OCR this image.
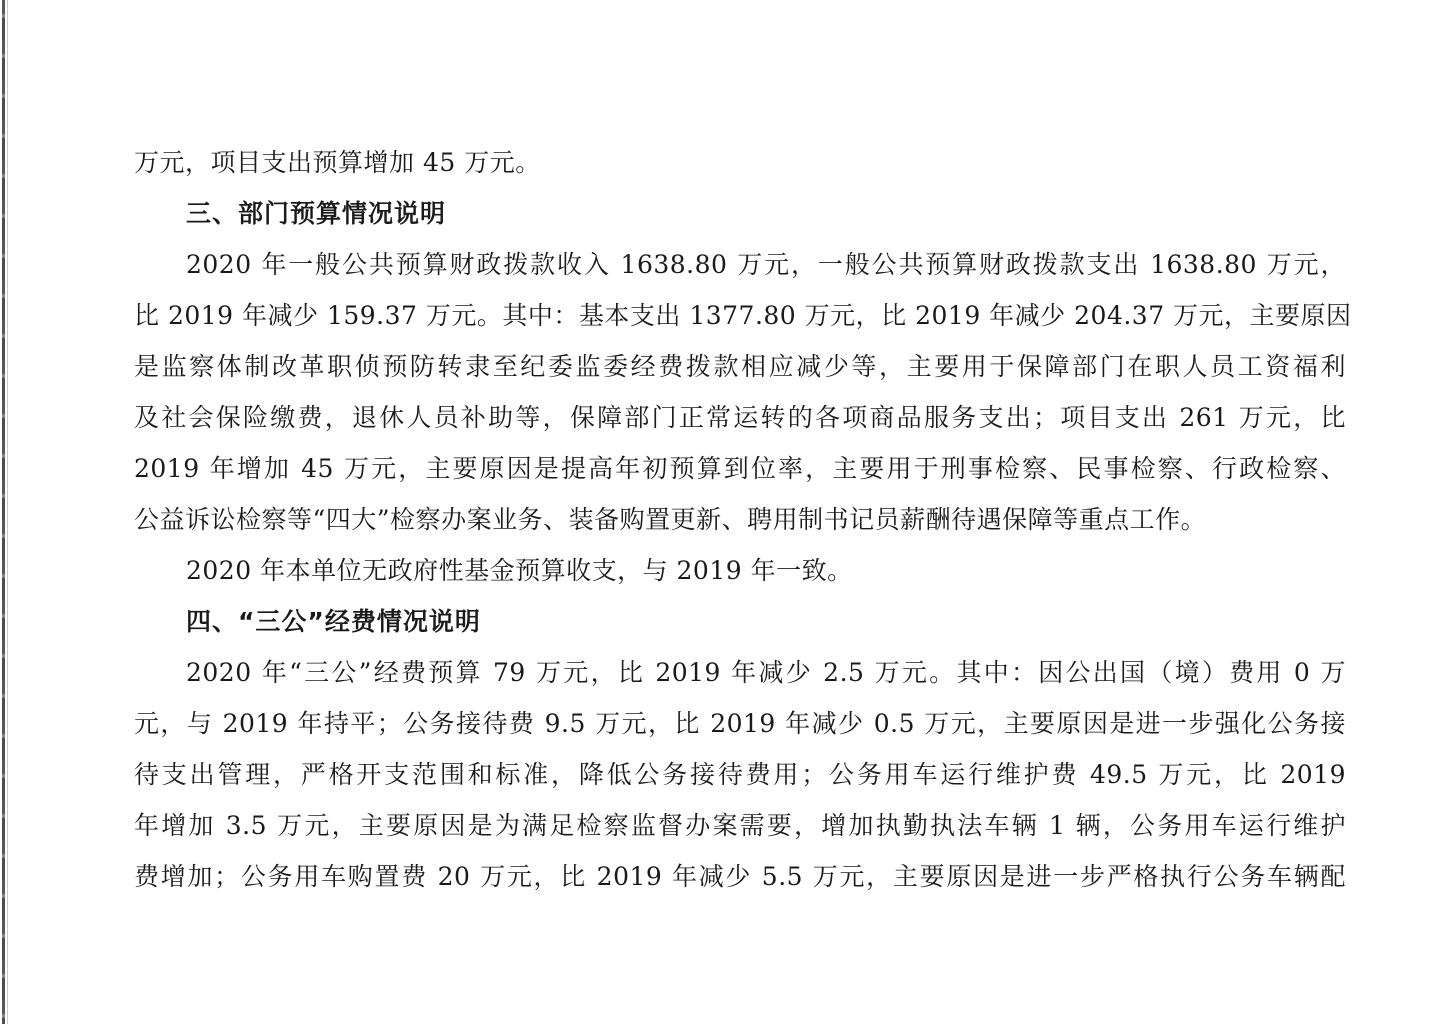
万元，项目支出预算增加 45 万元。
三、部门预算情况说明
2020 年一般公共预算财政拨款收入 1638.80 万元，一般公共预算财政拨款支出 1638.80 万元，
比 2019 年减少 159.37 万元。其中：基本支出 1377.80 万元，比 2019 年减少 204.37 万元，主要原因
是监察体制改革职侦预防转隶至纪委监委经费拨款相应减少等，主要用于保障部门在职人员工资福利
及社会保险缴费，退休人员补助等，保障部门正常运转的各项商品服务支出；项目支出 261 万元，比
2019 年增加 45 万元，主要原因是提高年初预算到位率，主要用于刑事检察、民事检察、行政检察、
公益诉讼检察等“四大”检察办案业务、装备购置更新、聘用制书记员薪酬待遇保障等重点工作。
2020 年本单位无政府性基金预算收支，与 2019 年一致。
四、“三公”经费情况说明
2020 年“三公”经费预算 79 万元，比 2019 年减少 2.5 万元。其中：因公出国（境）费用 0 万
元，与 2019 年持平；公务接待费 9.5 万元，比 2019 年减少 0.5 万元，主要原因是进一步强化公务接
待支出管理，严格开支范围和标准，降低公务接待费用；公务用车运行维护费 49.5 万元，比 2019
年增加 3.5 万元，主要原因是为满足检察监督办案需要，增加执勤执法车辆 1 辆，公务用车运行维护
费增加；公务用车购置费 20 万元，比 2019 年减少 5.5 万元，主要原因是进一步严格执行公务车辆配
